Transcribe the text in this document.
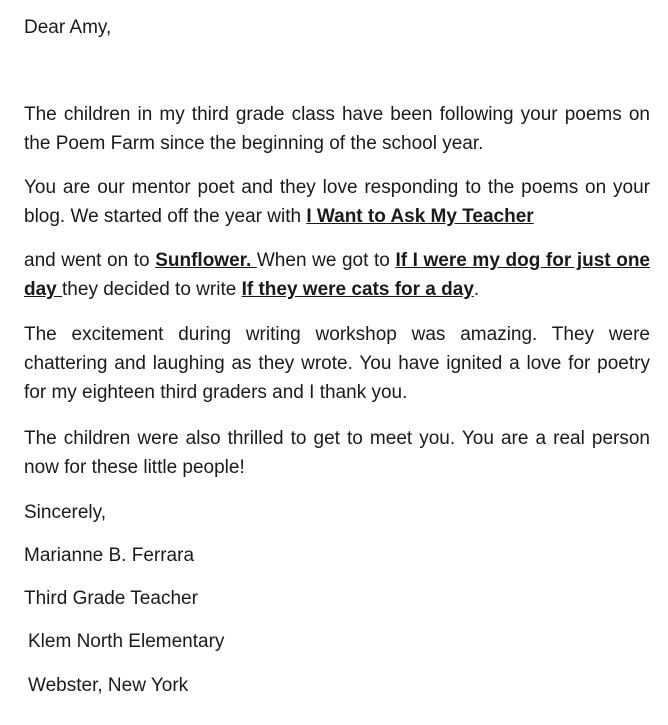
Dear Amy,

The children in my third grade class have been following your poems on the Poem Farm since the beginning of the school year.

You are our mentor poet and they love responding to the poems on your blog. We started off the year with I Want to Ask My Teacher

and went on to Sunflower. When we got to If I were my dog for just one day they decided to write If they were cats for a day.

The excitement during writing workshop was amazing. They were chattering and laughing as they wrote. You have ignited a love for poetry for my eighteen third graders and I thank you.

The children were also thrilled to get to meet you. You are a real person now for these little people!

Sincerely,

Marianne B. Ferrara

Third Grade Teacher

Klem North Elementary

Webster, New York
